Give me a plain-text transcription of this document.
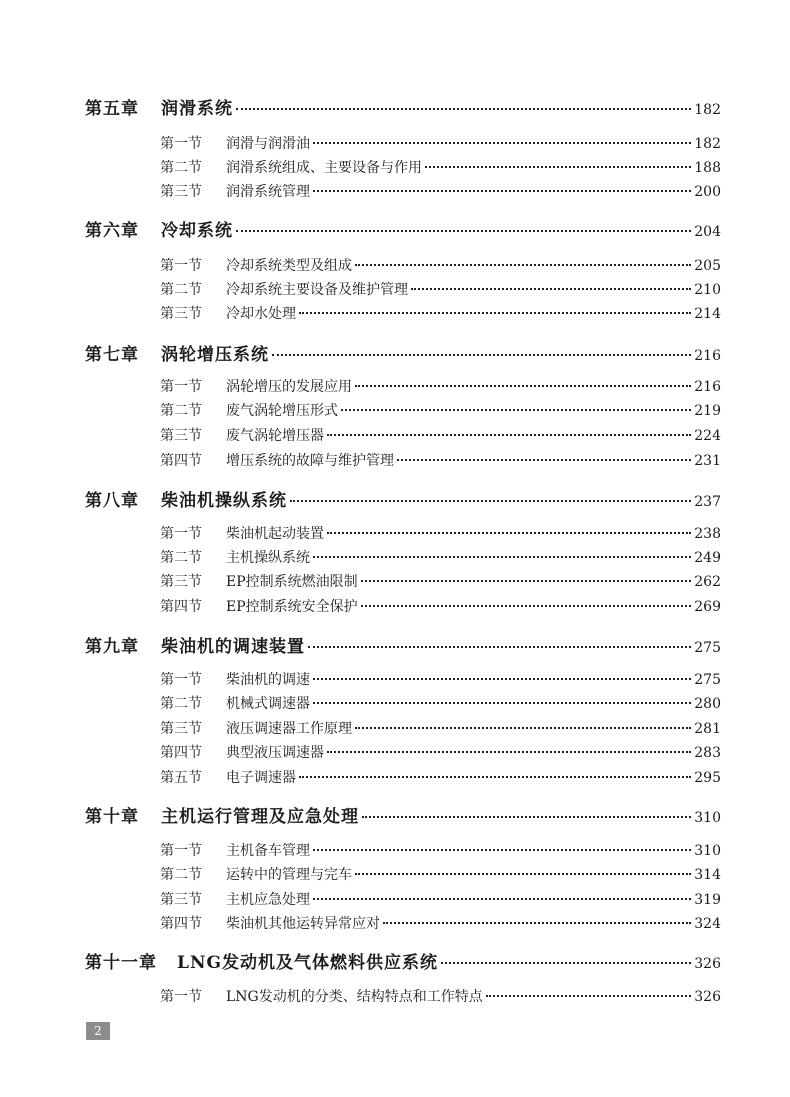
第五章	润滑系统	182
第一节	润滑与润滑油	182
第二节	润滑系统组成、主要设备与作用	188
第三节	润滑系统管理	200
第六章	冷却系统	204
第一节	冷却系统类型及组成	205
第二节	冷却系统主要设备及维护管理	210
第三节	冷却水处理	214
第七章	涡轮增压系统	216
第一节	涡轮增压的发展应用	216
第二节	废气涡轮增压形式	219
第三节	废气涡轮增压器	224
第四节	增压系统的故障与维护管理	231
第八章	柴油机操纵系统	237
第一节	柴油机起动装置	238
第二节	主机操纵系统	249
第三节	EP控制系统燃油限制	262
第四节	EP控制系统安全保护	269
第九章	柴油机的调速装置	275
第一节	柴油机的调速	275
第二节	机械式调速器	280
第三节	液压调速器工作原理	281
第四节	典型液压调速器	283
第五节	电子调速器	295
第十章	主机运行管理及应急处理	310
第一节	主机备车管理	310
第二节	运转中的管理与完车	314
第三节	主机应急处理	319
第四节	柴油机其他运转异常应对	324
第十一章	LNG发动机及气体燃料供应系统	326
第一节	LNG发动机的分类、结构特点和工作特点	326
2
